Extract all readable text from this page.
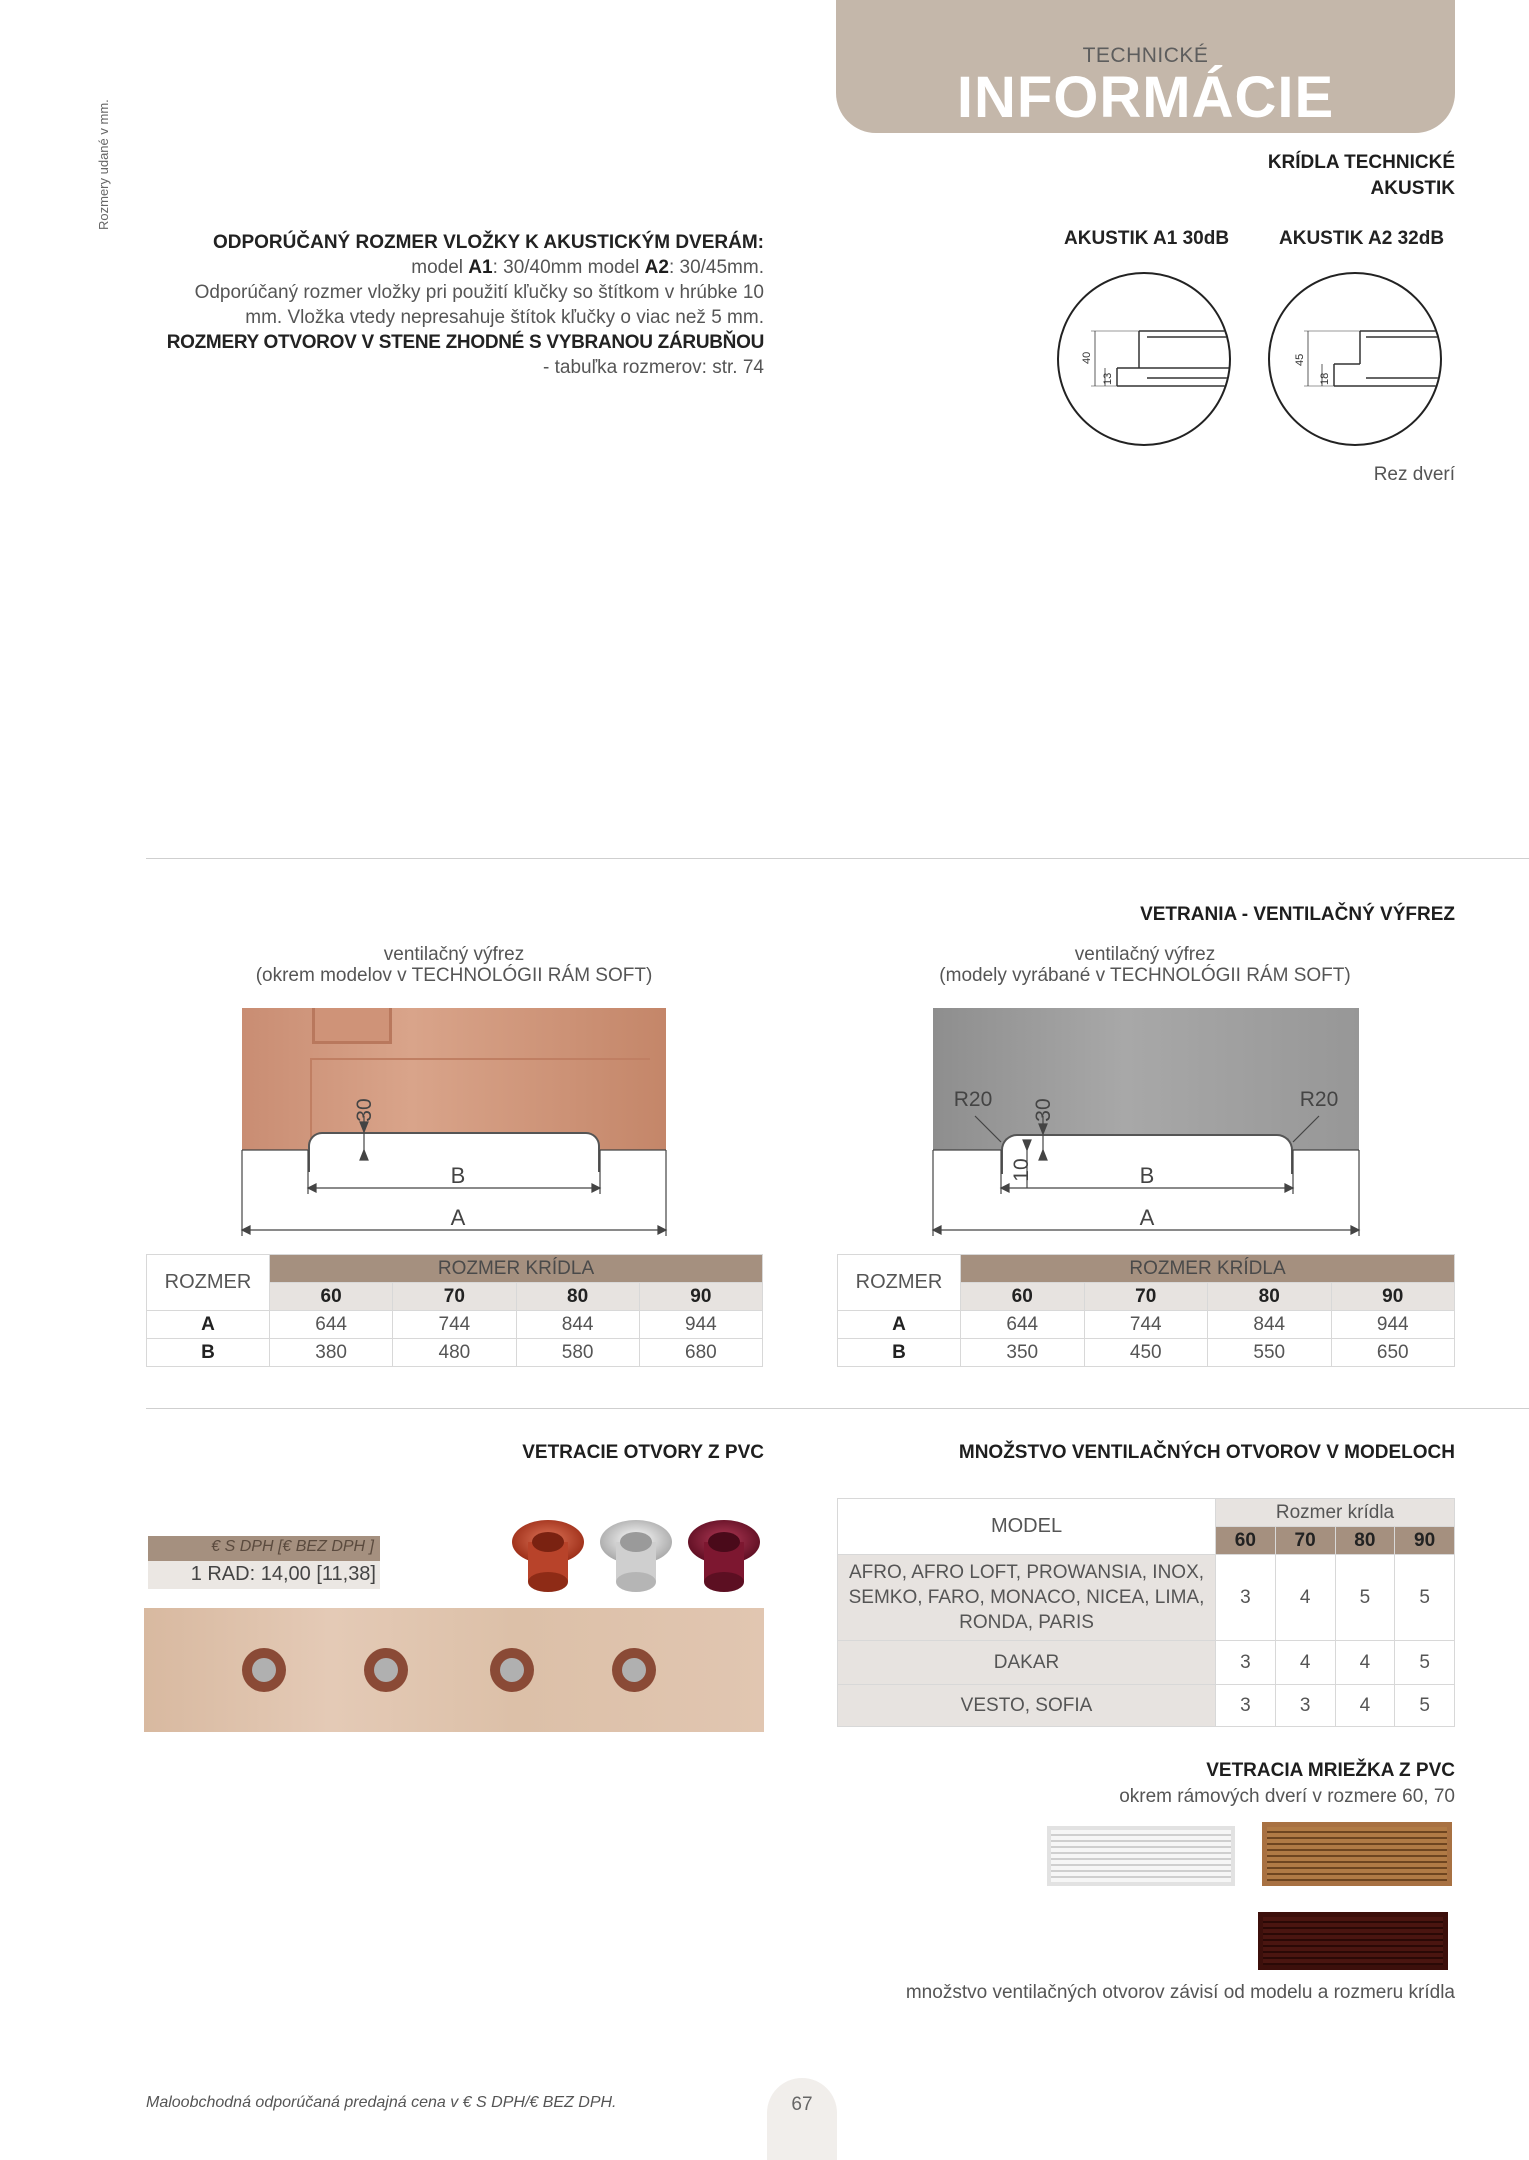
Rozmery udané v mm.
TECHNICKÉ
INFORMÁCIE
KRÍDLA TECHNICKÉ
AKUSTIK
ODPORÚČANÝ ROZMER VLOŽKY K AKUSTICKÝM DVERÁM:
model A1: 30/40mm model A2: 30/45mm.
Odporúčaný rozmer vložky pri použití kľučky so štítkom v hrúbke 10
mm. Vložka vtedy nepresahuje štítok kľučky o viac než 5 mm.
ROZMERY OTVOROV V STENE ZHODNÉ S VYBRANOU ZÁRUBŇOU
- tabuľka rozmerov: str. 74
AKUSTIK A1 30dB	AKUSTIK A2 32dB
40
13
45
18
Rez dverí
VETRANIA - VENTILAČNÝ VÝFREZ
ventilačný výfrez
(okrem modelov v TECHNOLÓGII RÁM SOFT)
ventilačný výfrez
(modely vyrábané v TECHNOLÓGII RÁM SOFT)
30
B
A
R20	R20
30
10	B
A
ROZMER	ROZMER KRÍDLA			
	60	70	80	90
A	644	744	844	944
B	380	480	580	680
ROZMER	ROZMER KRÍDLA			
	60	70	80	90
A	644	744	844	944
B	350	450	550	650
VETRACIE OTVORY Z PVC	MNOŽSTVO VENTILAČNÝCH OTVOROV V MODELOCH
€ S DPH [€ BEZ DPH ]
1 RAD: 14,00 [11,38]
MODEL	Rozmer krídla			
	60	70	80	90

AFRO, AFRO LOFT, PROWANSIA, INOX,
SEMKO, FARO, MONACO, NICEA, LIMA,
RONDA, PARIS	3	4	5	5
DAKAR	3	4	4	5
VESTO, SOFIA	3	3	4	5
VETRACIA MRIEŽKA Z PVC
okrem rámových dverí v rozmere 60, 70
množstvo ventilačných otvorov závisí od modelu a rozmeru krídla
Maloobchodná odporúčaná predajná cena v € S DPH/€ BEZ DPH.	67
